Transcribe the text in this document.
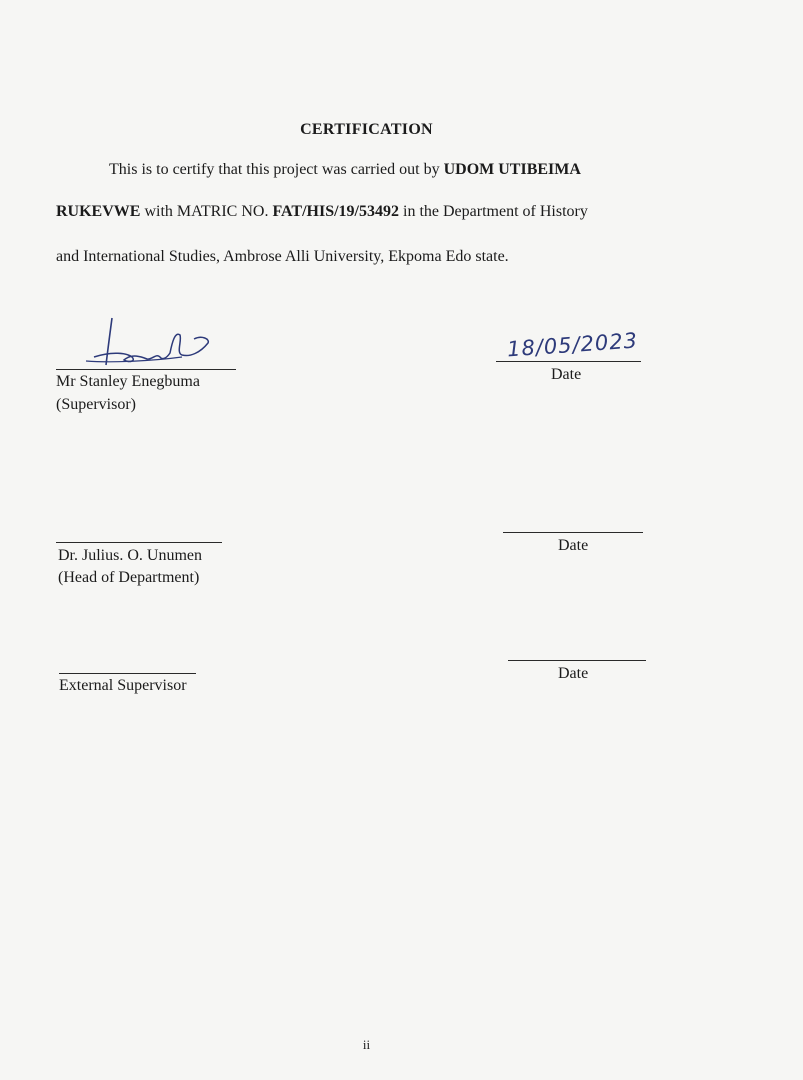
CERTIFICATION
This is to certify that this project was carried out by UDOM UTIBEIMA
RUKEVWE with MATRIC NO. FAT/HIS/19/53492 in the Department of History
and International Studies, Ambrose Alli University, Ekpoma Edo state.
Mr Stanley Enegbuma
(Supervisor)
18/05/2023
Date
Dr. Julius. O. Unumen
(Head of Department)
Date
External Supervisor
Date
ii
